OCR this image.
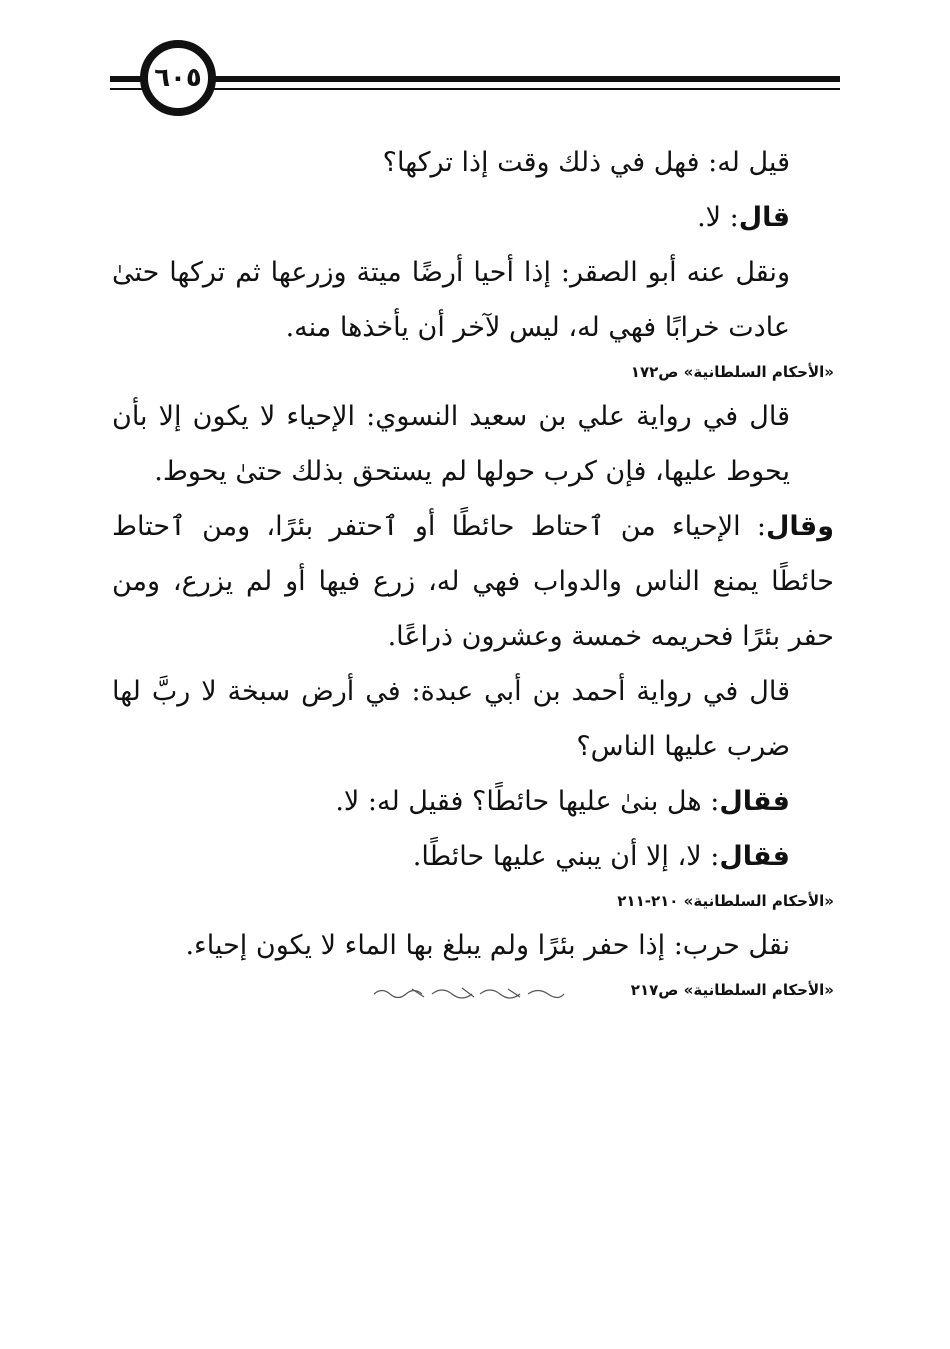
٦٠٥

قيل له: فهل في ذلك وقت إذا تركها؟

قال: لا.

ونقل عنه أبو الصقر: إذا أحيا أرضًا ميتة وزرعها ثم تركها حتىٰ عادت خرابًا فهي له، ليس لآخر أن يأخذها منه.

«الأحكام السلطانية» ص١٧٢

قال في رواية علي بن سعيد النسوي: الإحياء لا يكون إلا بأن يحوط عليها، فإن كرب حولها لم يستحق بذلك حتىٰ يحوط.

وقال: الإحياء من ٱحتاط حائطًا أو ٱحتفر بئرًا، ومن ٱحتاط حائطًا يمنع الناس والدواب فهي له، زرع فيها أو لم يزرع، ومن حفر بئرًا فحريمه خمسة وعشرون ذراعًا.

قال في رواية أحمد بن أبي عبدة: في أرض سبخة لا ربَّ لها ضرب عليها الناس؟

فقال: هل بنىٰ عليها حائطًا؟ فقيل له: لا.

فقال: لا، إلا أن يبني عليها حائطًا.

«الأحكام السلطانية» ٢١٠-٢١١

نقل حرب: إذا حفر بئرًا ولم يبلغ بها الماء لا يكون إحياء.

«الأحكام السلطانية» ص٢١٧
